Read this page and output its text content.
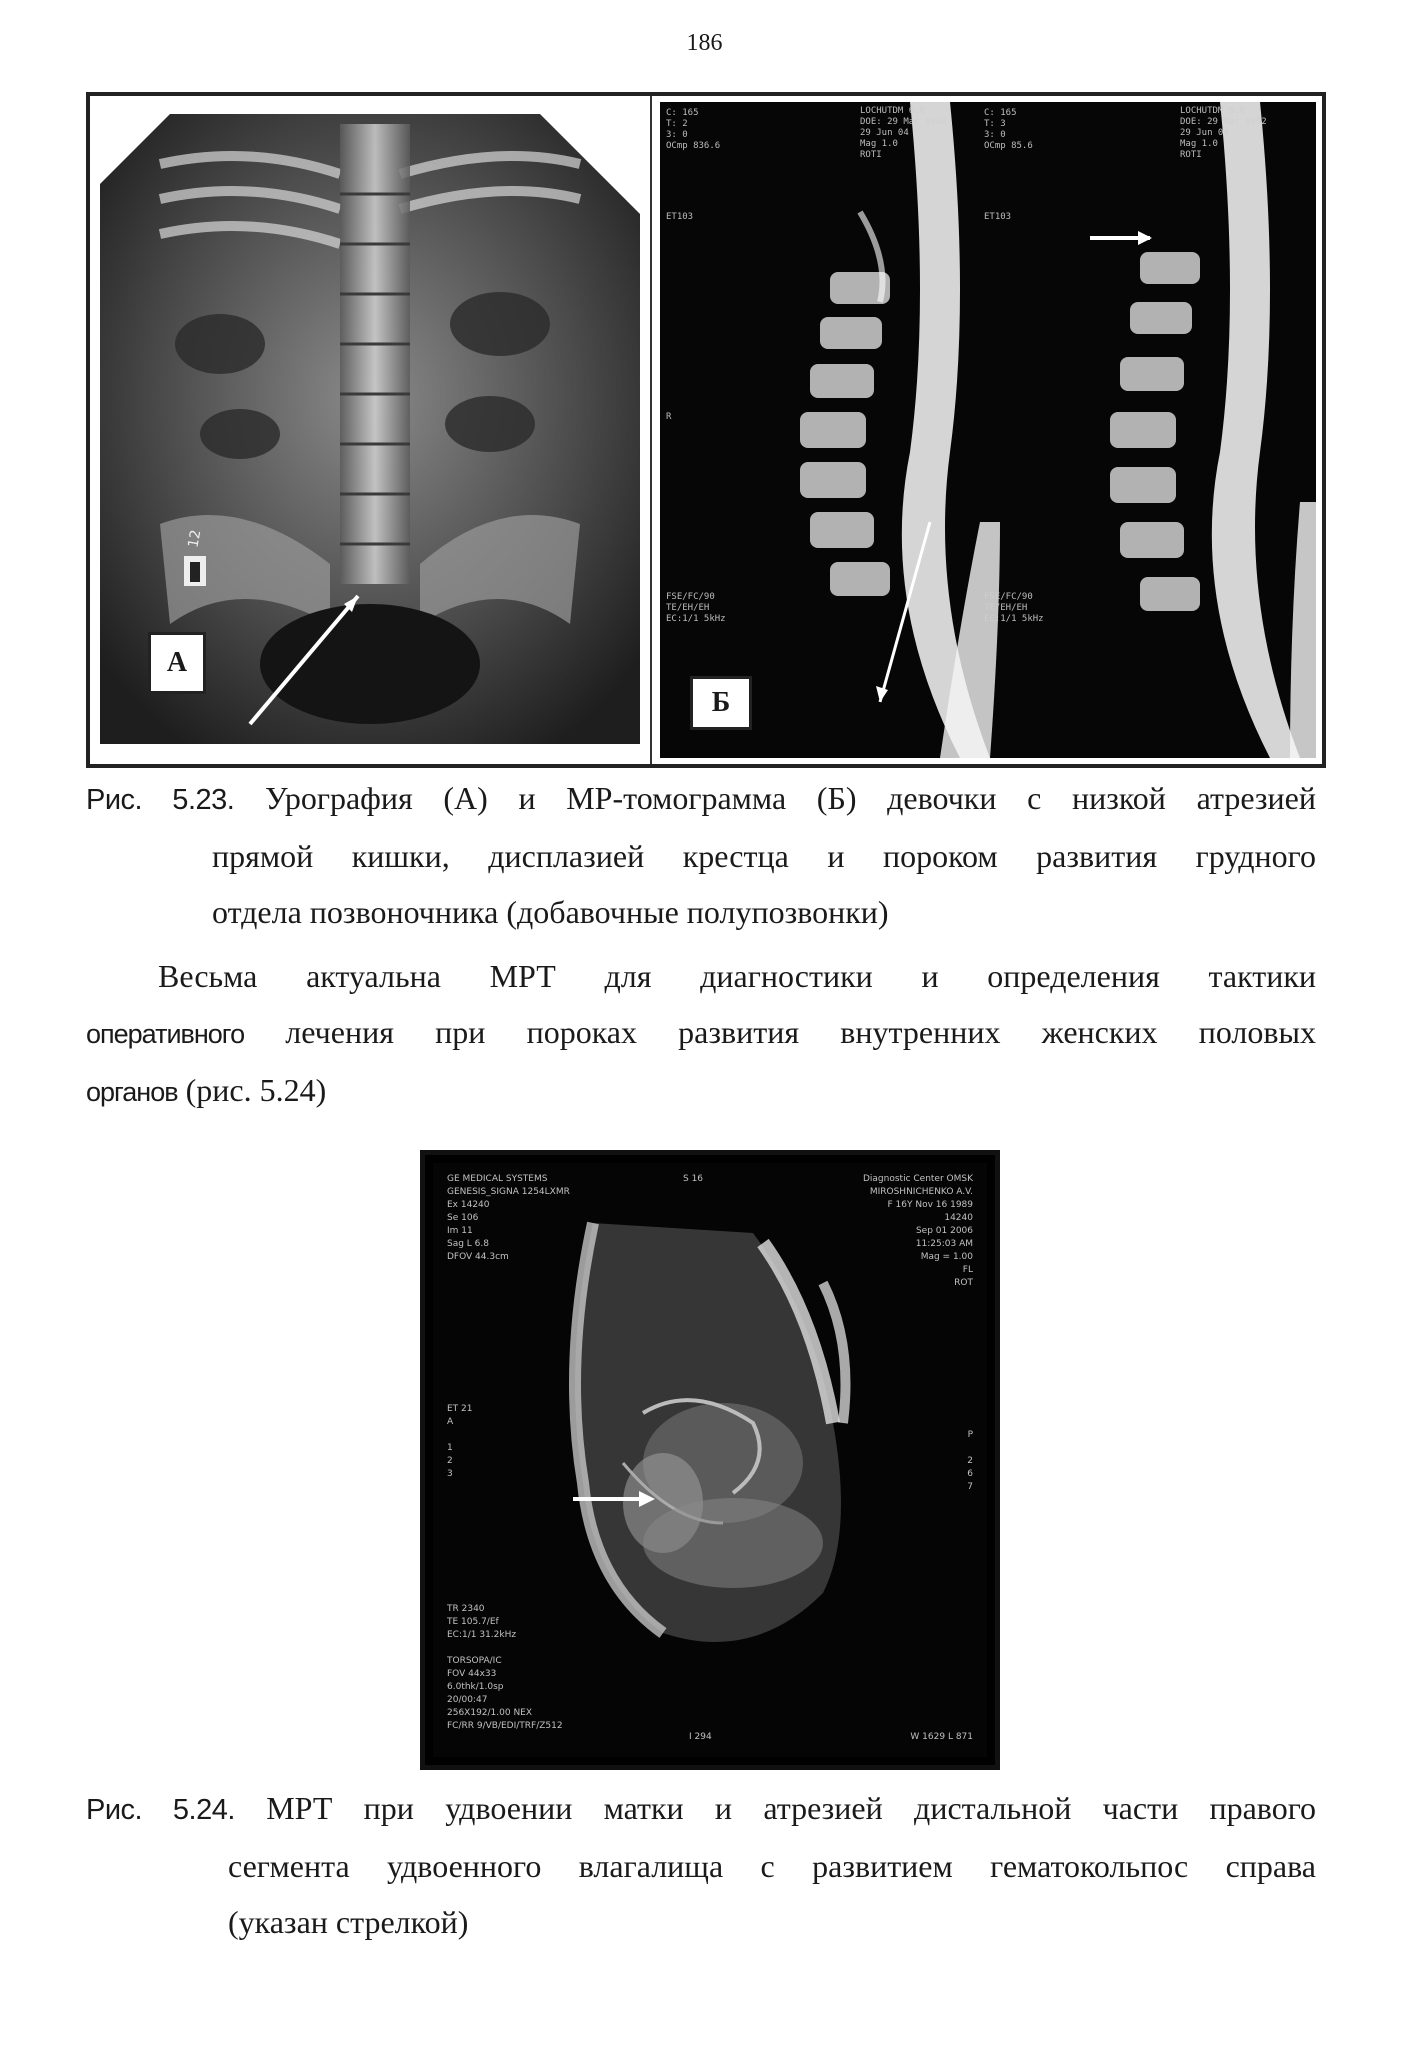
186
12
А
C: 165
T: 2
3: 0
OCmp 836.6
LOCHUTDM 6.0
DOE: 29 Mar 1992
29 Jun 04
Mag 1.0
ROTI
ET103
R
FSE/FC/90
TE/EH/EH
EC:1/1 5kHz
C: 165
T: 3
3: 0
OCmp 85.6
LOCHUTDM 6.0
DOE: 29 Mar 1992
29 Jun 04
Mag 1.0
ROTI
ET103
FSE/FC/90
TE/EH/EH
EC:1/1 5kHz
Б
Рис. 5.23. Урография (А) и МР-томограмма (Б) девочки с низкой атрезией
прямой кишки, дисплазией крестца и пороком развития грудного
отдела позвоночника (добавочные полупозвонки)
Весьма актуальна МРТ для диагностики и определения тактики
оперативного лечения при пороках развития внутренних женских половых
органов (рис. 5.24)
GE MEDICAL SYSTEMS
GENESIS_SIGNA 1254LXMR
Ex 14240
Se 106
Im 11
Sag L 6.8
DFOV 44.3cm
S 16	Diagnostic Center OMSK
MIROSHNICHENKO A.V.
F 16Y Nov 16 1989
14240
Sep 01 2006
11:25:03 AM
Mag = 1.00
FL
ROT
ET 21
A

1
2
3
P

2
6
7
TR 2340
TE 105.7/Ef
EC:1/1 31.2kHz

TORSOPA/IC
FOV 44x33
6.0thk/1.0sp
20/00:47
256X192/1.00 NEX
FC/RR 9/VB/EDI/TRF/Z512
I 294	W 1629 L 871
Рис. 5.24. МРТ при удвоении матки и атрезией дистальной части правого
сегмента удвоенного влагалища с развитием гематокольпос справа
(указан стрелкой)
